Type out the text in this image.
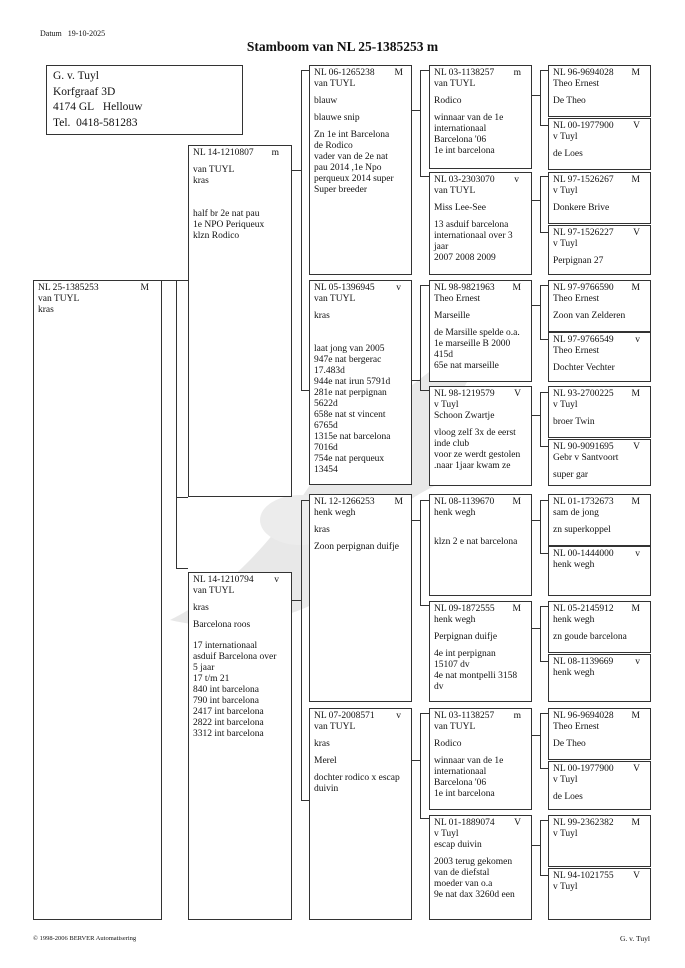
Datum 19-10-2025
Stamboom van NL 25-1385253 m

G. v. Tuyl

Korfgraaf 3D

4174 GL Hellouw

Tel. 0418-581283

NL 25-1385253	M

van TUYL

kras

NL 14-1210807 m

van TUYL

kras

half br 2e nat pau

1e NPO Periqueux

klzn Rodico

NL 14-1210794 v

van TUYL

kras

Barcelona roos

17 internationaal

asduif Barcelona over

5 jaar

17 t/m 21

840 int barcelona

790 int barcelona

2417 int barcelona

2822 int barcelona

3312 int barcelona

NL 06-1265238 M

van TUYL

blauw

blauwe snip

Zn 1e int Barcelona

de Rodico

vader van de 2e nat

pau 2014 ,1e Npo

perqueux 2014 super

Super breeder

NL 05-1396945 v

van TUYL

kras

laat jong van 2005

947e nat bergerac

17.483d

944e nat irun 5791d

281e nat perpignan

5622d

658e nat st vincent

6765d

1315e nat barcelona

7016d

754e nat perqueux

13454

NL 12-1266253 M

henk wegh

kras

Zoon perpignan duifje

NL 07-2008571 v

van TUYL

kras

Merel

dochter rodico x escap

duivin

NL 03-1138257 m

van TUYL

Rodico

winnaar van de 1e

internationaal

Barcelona '06

1e int barcelona

NL 03-2303070 v

van TUYL

Miss Lee-See

13 asduif barcelona

internationaal over 3

jaar

2007 2008 2009

NL 98-9821963 M

Theo Ernest

Marseille

de Marsille spelde o.a.

1e marseille B 2000

415d

65e nat marseille

NL 98-1219579 V

v Tuyl

Schoon Zwartje

vloog zelf 3x de eerst

inde club

voor ze werdt gestolen

.naar 1jaar kwam ze

NL 08-1139670 M

henk wegh

klzn 2 e nat barcelona

NL 09-1872555 M

henk wegh

Perpignan duifje

4e int perpignan

15107 dv

4e nat montpelli 3158

dv

NL 03-1138257 m

van TUYL

Rodico

winnaar van de 1e

internationaal

Barcelona '06

1e int barcelona

NL 01-1889074 V

v Tuyl

escap duivin

2003 terug gekomen

van de diefstal

moeder van o.a

9e nat dax 3260d een

NL 96-9694028 M

Theo Ernest

De Theo

NL 00-1977900 V

v Tuyl

de Loes

NL 97-1526267 M

v Tuyl

Donkere Brive

NL 97-1526227 V

v Tuyl

Perpignan 27

NL 97-9766590 M

Theo Ernest

Zoon van Zelderen

NL 97-9766549 v

Theo Ernest

Dochter Vechter

NL 93-2700225 M

v Tuyl

broer Twin

NL 90-9091695 V

Gebr v Santvoort

super gar

NL 01-1732673 M

sam de jong

zn superkoppel

NL 00-1444000 v

henk wegh

NL 05-2145912 M

henk wegh

zn goude barcelona

NL 08-1139669 v

henk wegh

NL 96-9694028 M

Theo Ernest

De Theo

NL 00-1977900 V

v Tuyl

de Loes

NL 99-2362382 M

v Tuyl

NL 94-1021755 V

v Tuyl

© 1998-2006 BERVER Automatisering	G. v. Tuyl
